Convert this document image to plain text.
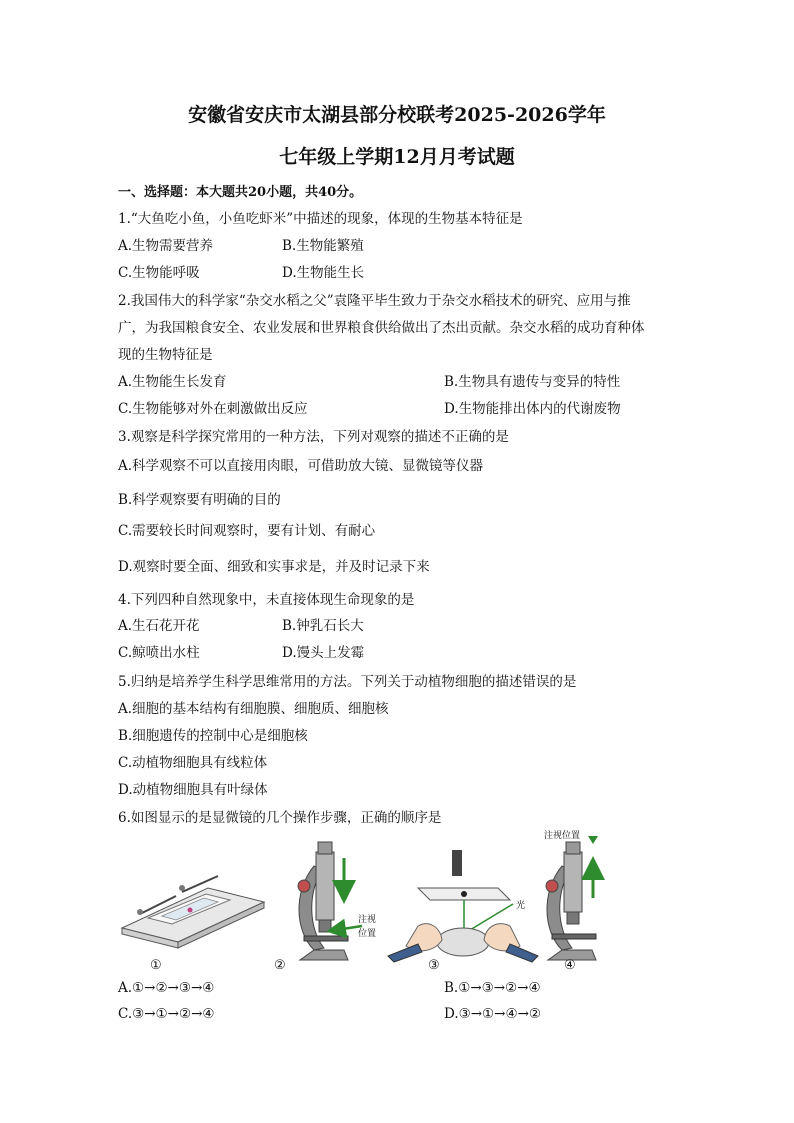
安徽省安庆市太湖县部分校联考2025-2026学年
七年级上学期12月月考试题
一、选择题：本大题共20小题，共40分。
1.“大鱼吃小鱼，小鱼吃虾米”中描述的现象，体现的生物基本特征是
A.生物需要营养	B.生物能繁殖
C.生物能呼吸	D.生物能生长
2.我国伟大的科学家“杂交水稻之父”袁隆平毕生致力于杂交水稻技术的研究、应用与推
广，为我国粮食安全、农业发展和世界粮食供给做出了杰出贡献。杂交水稻的成功育种体
现的生物特征是
A.生物能生长发育	B.生物具有遗传与变异的特性
C.生物能够对外在刺激做出反应	D.生物能排出体内的代谢废物
3.观察是科学探究常用的一种方法，下列对观察的描述不正确的是
A.科学观察不可以直接用肉眼，可借助放大镜、显微镜等仪器
B.科学观察要有明确的目的
C.需要较长时间观察时，要有计划、有耐心
D.观察时要全面、细致和实事求是，并及时记录下来
4.下列四种自然现象中，未直接体现生命现象的是
A.生石花开花	B.钟乳石长大
C.鲸喷出水柱	D.馒头上发霉
5.归纳是培养学生科学思维常用的方法。下列关于动植物细胞的描述错误的是
A.细胞的基本结构有细胞膜、细胞质、细胞核
B.细胞遗传的控制中心是细胞核
C.动植物细胞具有线粒体
D.动植物细胞具有叶绿体
6.如图显示的是显微镜的几个操作步骤，正确的顺序是
注视
位置
光
注视位置
①	②	③	④
A.①→②→③→④	B.①→③→②→④
C.③→①→②→④	D.③→①→④→②
